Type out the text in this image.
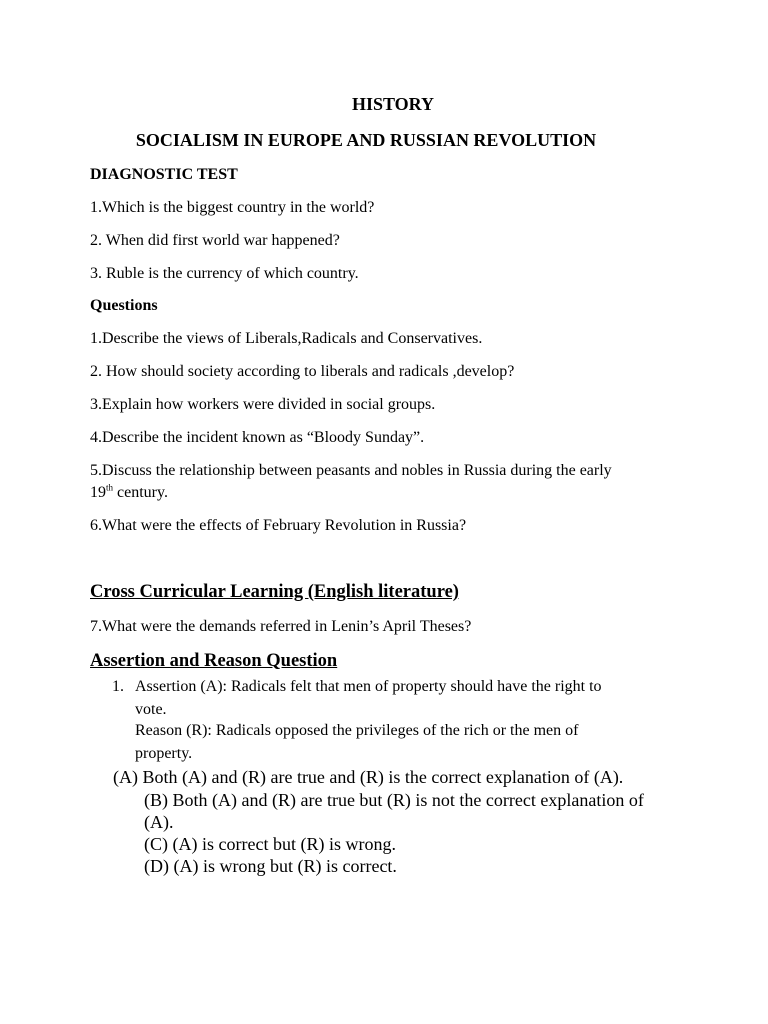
HISTORY
SOCIALISM IN EUROPE AND RUSSIAN REVOLUTION
DIAGNOSTIC TEST
1.Which is the biggest country in the world?
2. When did first world war happened?
3. Ruble is the currency of which country.
Questions
1.Describe the views of Liberals,Radicals and Conservatives.
2. How should society according to liberals and radicals ,develop?
3.Explain how workers were divided in social groups.
4.Describe the incident known as “Bloody Sunday”.
5.Discuss the relationship between peasants and nobles in Russia during the early
19th century.
6.What were the effects of February Revolution in Russia?
Cross Curricular Learning (English literature)
7.What were the demands referred in Lenin’s April Theses?
Assertion and Reason Question
1. Assertion (A): Radicals felt that men of property should have the right to
vote.
Reason (R): Radicals opposed the privileges of the rich or the men of
property.
(A) Both (A) and (R) are true and (R) is the correct explanation of (A).
(B) Both (A) and (R) are true but (R) is not the correct explanation of
(A).
(C) (A) is correct but (R) is wrong.
(D) (A) is wrong but (R) is correct.
